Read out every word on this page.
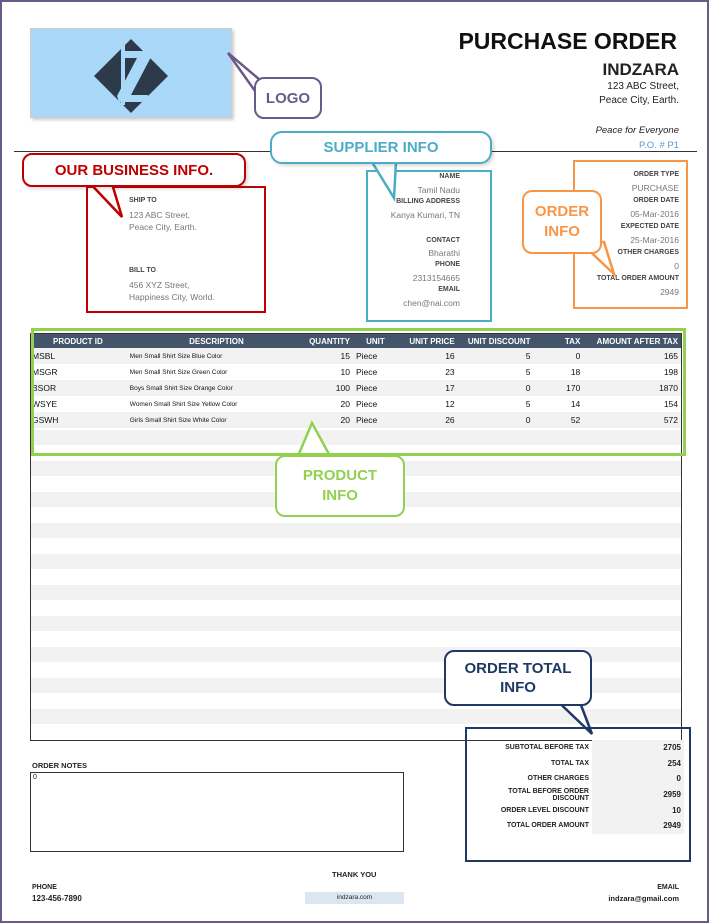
PURCHASE ORDER
INDZARA
123 ABC Street,
Peace City, Earth.
Peace for Everyone
P.O. # P1
LOGO
SHIP TO
123 ABC Street,
Peace City, Earth.
BILL TO
456 XYZ Street,
Happiness City, World.
OUR BUSINESS INFO.	NAME
Tamil Nadu
BILLING ADDRESS
Kanya Kumari, TN
CONTACT
Bharathi
PHONE
2313154665
EMAIL
chen@nai.com
SUPPLIER INFO
ORDER TYPE
PURCHASE
ORDER DATE
05-Mar-2016
EXPECTED DATE
25-Mar-2016
OTHER CHARGES
0
TOTAL ORDER AMOUNT
2949
ORDER INFO
PRODUCT ID	DESCRIPTION	QUANTITY	UNIT	UNIT PRICE	UNIT DISCOUNT	TAX	AMOUNT AFTER TAX
MSBL	Men Small Shirt Size Blue Color	15	Piece	16	5	0	165
MSGR	Men Small Shirt Size Green Color	10	Piece	23	5	18	198
BSOR	Boys Small Shirt Size Orange Color	100	Piece	17	0	170	1870
WSYE	Women Small Shirt Size Yellow Color	20	Piece	12	5	14	154
GSWH	Girls Small Shirt Size White Color	20	Piece	26	0	52	572

PRODUCT INFO
ORDER TOTAL INFO
SUBTOTAL BEFORE TAX	2705
TOTAL TAX	254
OTHER CHARGES	0
TOTAL BEFORE ORDER DISCOUNT	2959
ORDER LEVEL DISCOUNT	10
TOTAL ORDER AMOUNT	2949
ORDER NOTES
0
THANK YOU
PHONE
123-456-7890	indzara.com
EMAIL
indzara@gmail.com
